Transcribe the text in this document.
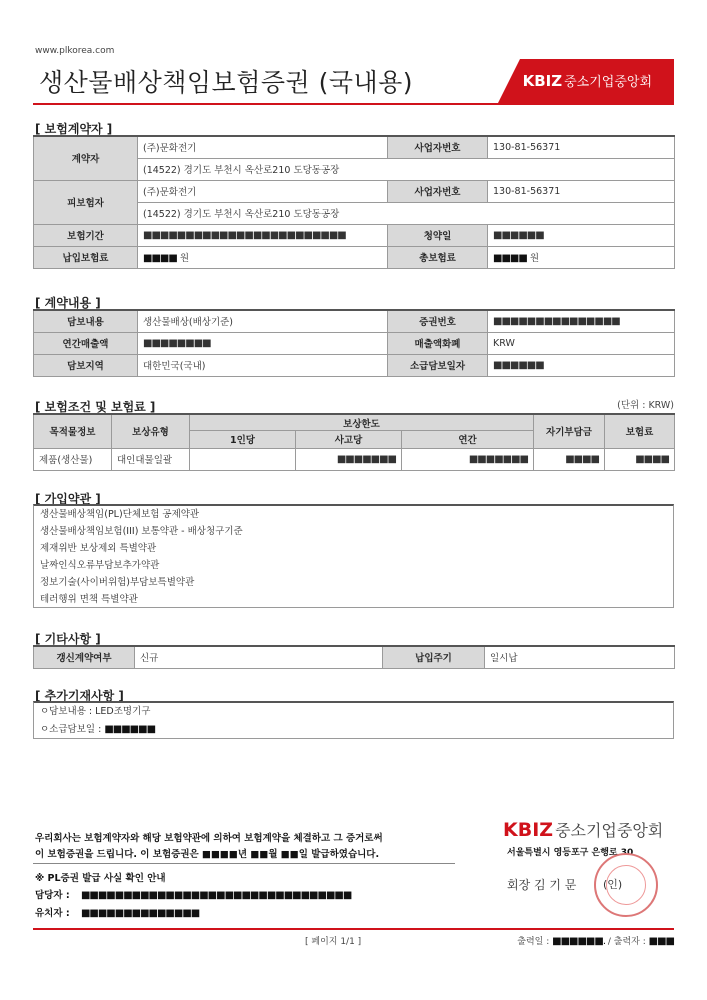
www.plkorea.com
생산물배상책임보험증권 (국내용)	KBIZ 중소기업중앙회
[ 보험계약자 ]
계약자	(주)문화전기	사업자번호	130-81-56371
	(14522) 경기도 부천시 옥산로210 도당동공장		
피보험자	(주)문화전기	사업자번호	130-81-56371
	(14522) 경기도 부천시 옥산로210 도당동공장		
보험기간	■■■■■■■■■■■■■■■■■■■■■■■■	청약일	■■■■■■
납입보험료	■■■■ 원	총보험료	■■■■ 원
[ 계약내용 ]
담보내용	생산물배상(배상기준)	증권번호	■■■■■■■■■■■■■■■
연간매출액	■■■■■■■■	매출액화폐	KRW
담보지역	대한민국(국내)	소급담보일자	■■■■■■
[ 보험조건 및 보험료 ]	(단위 : KRW)
목적물정보	보상유형	보상한도			자기부담금	보험료
		1인당	사고당	연간		
제품(생산물)	대인대물일괄		■■■■■■■	■■■■■■■	■■■■	■■■■
[ 가입약관 ]
생산물배상책임(PL)단체보험 공제약관
생산물배상책임보험(III) 보통약관 - 배상청구기준
제재위반 보상제외 특별약관
날짜인식오류부담보추가약관
정보기술(사이버위험)부담보특별약관
테러행위 면책 특별약관
[ 기타사항 ]
갱신계약여부	신규	납입주기	일시납
[ 추가기재사항 ]
ㅇ담보내용 : LED조명기구
ㅇ소급담보일 : ■■■■■■
우리회사는 보험계약자와 해당 보험약관에 의하여 보험계약을 체결하고 그 증거로써
이 보험증권을 드립니다. 이 보험증권은 ■■■■년 ■■월 ■■일 발급하였습니다.
※ PL증권 발급 사실 확인 안내
담당자 : ■■■■■■■■■■■■■■■■■■■■■■■■■■■■■■■■
유치자 : ■■■■■■■■■■■■■■
KBIZ 중소기업중앙회
서울특별시 영등포구 은행로 30
회장 김 기 문 (인)
[ 페이지 1/1 ]	출력일 : ■■■■■■. / 출력자 : ■■■
